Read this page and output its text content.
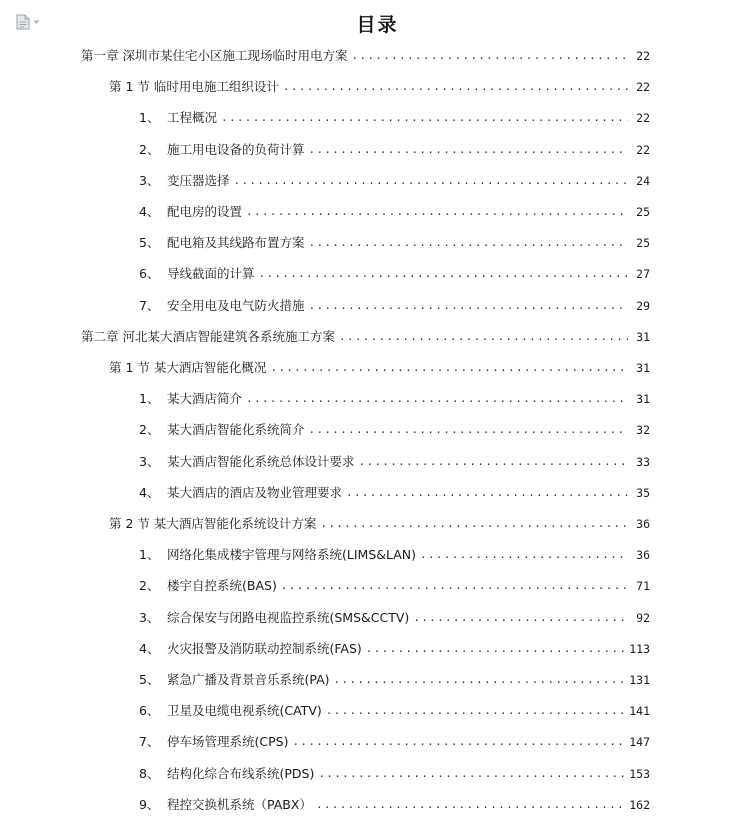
目录
第一章 深圳市某住宅小区施工现场临时用电方案 .....	22
第 1 节 临时用电施工组织设计 .....	22
1、 工程概况 .....	22
2、 施工用电设备的负荷计算 .....	22
3、 变压器选择 .....	24
4、 配电房的设置 .....	25
5、 配电箱及其线路布置方案 .....	25
6、 导线截面的计算 .....	27
7、 安全用电及电气防火措施 .....	29
第二章 河北某大酒店智能建筑各系统施工方案 .....	31
第 1 节 某大酒店智能化概况 .....	31
1、 某大酒店简介 .....	31
2、 某大酒店智能化系统简介 .....	32
3、 某大酒店智能化系统总体设计要求 .....	33
4、 某大酒店的酒店及物业管理要求 .....	35
第 2 节 某大酒店智能化系统设计方案 .....	36
1、 网络化集成楼宇管理与网络系统(LIMS&LAN) .....	36
2、 楼宇自控系统(BAS) .....	71
3、 综合保安与闭路电视监控系统(SMS&CCTV) .....	92
4、 火灾报警及消防联动控制系统(FAS) .....	113
5、 紧急广播及背景音乐系统(PA) .....	131
6、 卫星及电缆电视系统(CATV) .....	141
7、 停车场管理系统(CPS) .....	147
8、 结构化综合布线系统(PDS) .....	153
9、 程控交换机系统（PABX） .....	162
